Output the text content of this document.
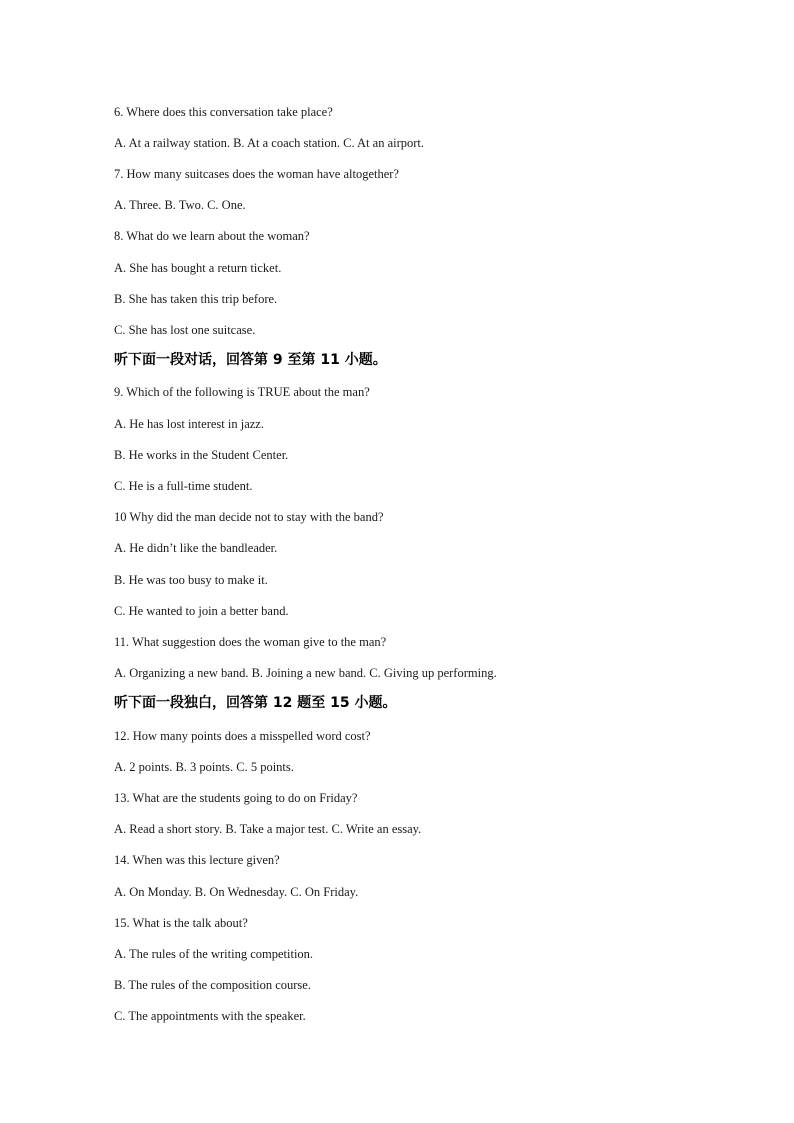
6. Where does this conversation take place?
A. At a railway station. B. At a coach station. C. At an airport.
7. How many suitcases does the woman have altogether?
A. Three. B. Two. C. One.
8. What do we learn about the woman?
A. She has bought a return ticket.
B. She has taken this trip before.
C. She has lost one suitcase.
听下面一段对话，回答第 9 至第 11 小题。
9. Which of the following is TRUE about the man?
A. He has lost interest in jazz.
B. He works in the Student Center.
C. He is a full-time student.
10 Why did the man decide not to stay with the band?
A. He didn’t like the bandleader.
B. He was too busy to make it.
C. He wanted to join a better band.
11. What suggestion does the woman give to the man?
A. Organizing a new band. B. Joining a new band. C. Giving up performing.
听下面一段独白，回答第 12 题至 15 小题。
12. How many points does a misspelled word cost?
A. 2 points. B. 3 points. C. 5 points.
13. What are the students going to do on Friday?
A. Read a short story. B. Take a major test. C. Write an essay.
14. When was this lecture given?
A. On Monday. B. On Wednesday. C. On Friday.
15. What is the talk about?
A. The rules of the writing competition.
B. The rules of the composition course.
C. The appointments with the speaker.
